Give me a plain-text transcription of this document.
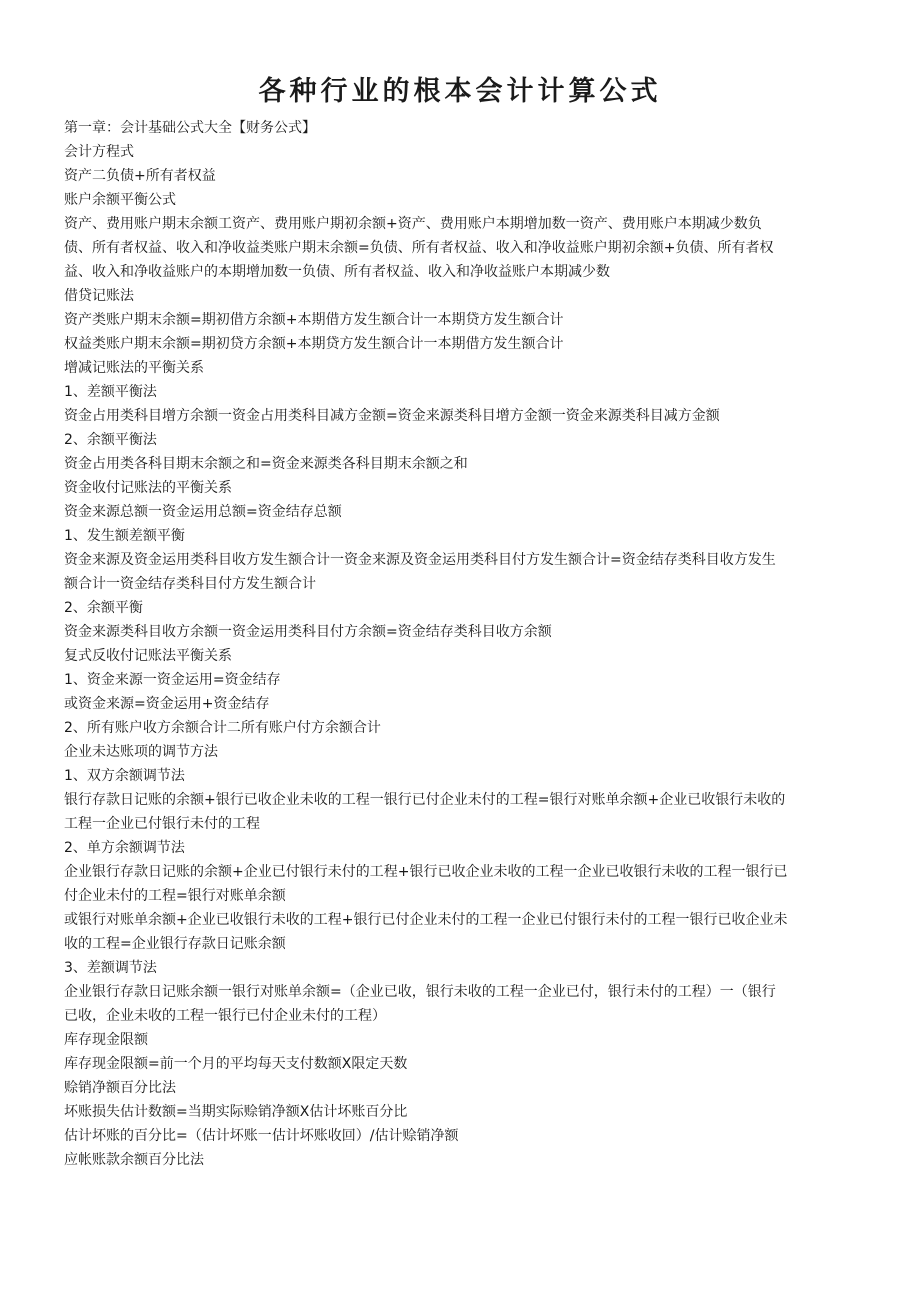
各种行业的根本会计计算公式

第一章：会计基础公式大全【财务公式】

会计方程式

资产二负债+所有者权益

账户余额平衡公式

资产、费用账户期末余额工资产、费用账户期初余额+资产、费用账户本期增加数一资产、费用账户本期减少数负

债、所有者权益、收入和净收益类账户期末余额=负债、所有者权益、收入和净收益账户期初余额+负债、所有者权

益、收入和净收益账户的本期增加数一负债、所有者权益、收入和净收益账户本期减少数

借贷记账法

资产类账户期末余额=期初借方余额+本期借方发生额合计一本期贷方发生额合计

权益类账户期末余额=期初贷方余额+本期贷方发生额合计一本期借方发生额合计

增减记账法的平衡关系

1、差额平衡法

资金占用类科目增方余额一资金占用类科目减方金额=资金来源类科目增方金额一资金来源类科目减方金额

2、余额平衡法

资金占用类各科目期末余额之和=资金来源类各科目期末余额之和

资金收付记账法的平衡关系

资金来源总额一资金运用总额=资金结存总额

1、发生额差额平衡

资金来源及资金运用类科目收方发生额合计一资金来源及资金运用类科目付方发生额合计=资金结存类科目收方发生

额合计一资金结存类科目付方发生额合计

2、余额平衡

资金来源类科目收方余额一资金运用类科目付方余额=资金结存类科目收方余额

复式反收付记账法平衡关系

1、资金来源一资金运用=资金结存

或资金来源=资金运用+资金结存

2、所有账户收方余额合计二所有账户付方余额合计

企业未达账项的调节方法

1、双方余额调节法

银行存款日记账的余额+银行已收企业未收的工程一银行已付企业未付的工程=银行对账单余额+企业已收银行未收的

工程一企业已付银行未付的工程

2、单方余额调节法

企业银行存款日记账的余额+企业已付银行未付的工程+银行已收企业未收的工程一企业已收银行未收的工程一银行已

付企业未付的工程=银行对账单余额

或银行对账单余额+企业已收银行未收的工程+银行已付企业未付的工程一企业已付银行未付的工程一银行已收企业未

收的工程=企业银行存款日记账余额

3、差额调节法

企业银行存款日记账余额一银行对账单余额=（企业已收，银行未收的工程一企业已付，银行未付的工程）一（银行

已收，企业未收的工程一银行已付企业未付的工程）

库存现金限额

库存现金限额=前一个月的平均每天支付数额X限定天数

赊销净额百分比法

坏账损失估计数额=当期实际赊销净额X估计坏账百分比

估计坏账的百分比=（估计坏账一估计坏账收回）/估计赊销净额

应帐账款余额百分比法
